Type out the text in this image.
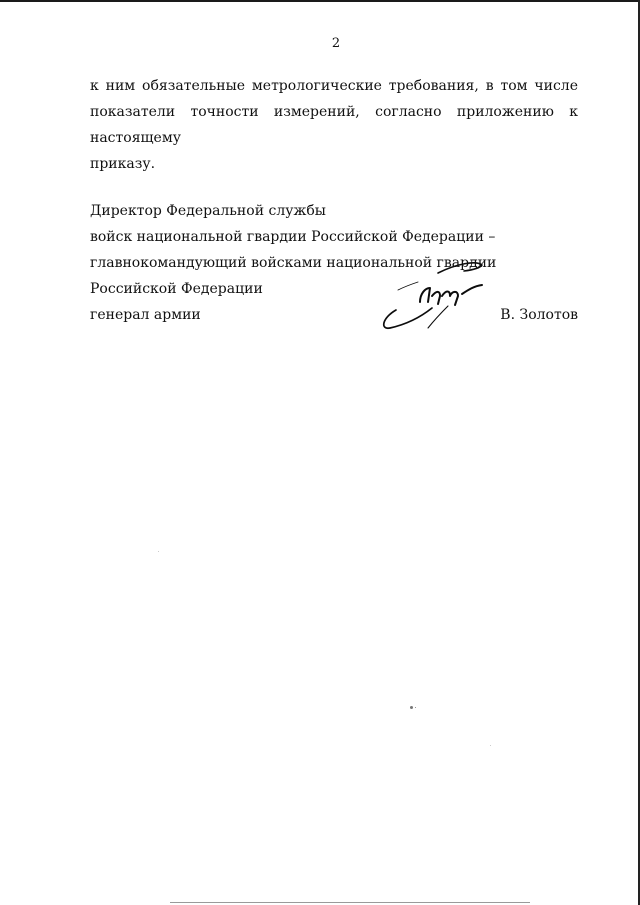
2

к ним обязательные метрологические требования, в том числе

показатели точности измерений, согласно приложению к настоящему

приказу.

Директор Федеральной службы
войск национальной гвардии Российской Федерации –
главнокомандующий войсками национальной гвардии
Российской Федерации
генерал армии	В. Золотов
